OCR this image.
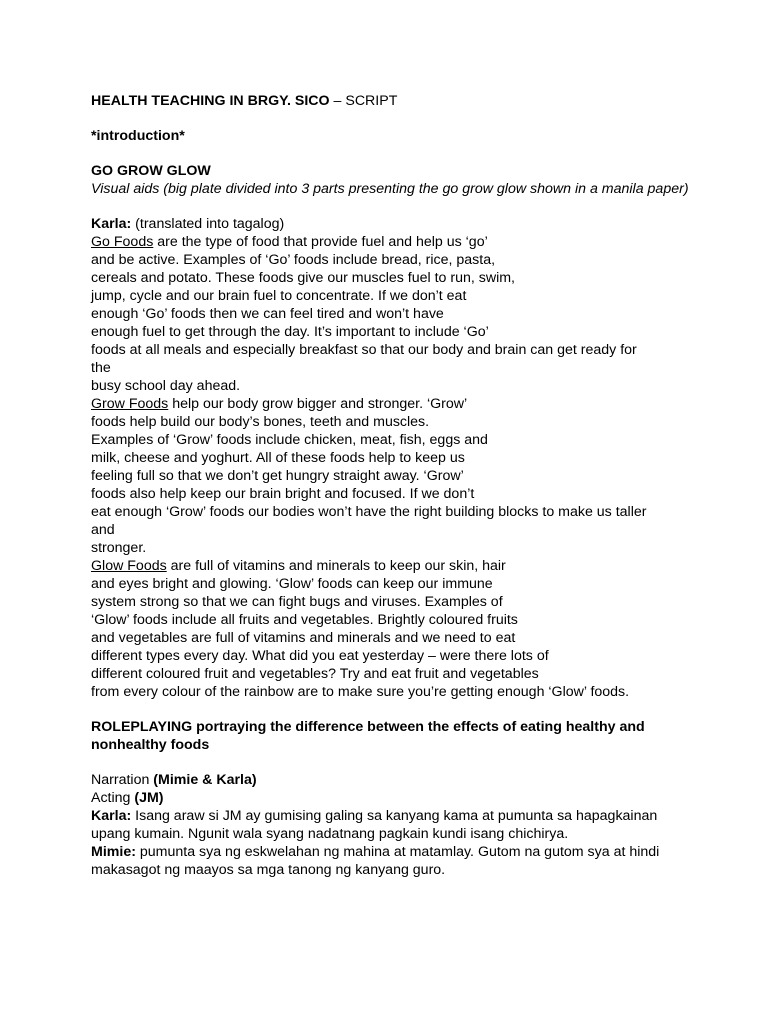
HEALTH TEACHING IN BRGY. SICO – SCRIPT

*introduction*

GO GROW GLOW

Visual aids (big plate divided into 3 parts presenting the go grow glow shown in a manila paper)

Karla: (translated into tagalog)
Go Foods are the type of food that provide fuel and help us ‘go’
and be active. Examples of ‘Go’ foods include bread, rice, pasta,
cereals and potato. These foods give our muscles fuel to run, swim,
jump, cycle and our brain fuel to concentrate. If we don’t eat
enough ‘Go’ foods then we can feel tired and won’t have
enough fuel to get through the day. It’s important to include ‘Go’
foods at all meals and especially breakfast so that our body and brain can get ready for
the
busy school day ahead.
Grow Foods help our body grow bigger and stronger. ‘Grow’
foods help build our body’s bones, teeth and muscles.
Examples of ‘Grow’ foods include chicken, meat, fish, eggs and
milk, cheese and yoghurt. All of these foods help to keep us
feeling full so that we don’t get hungry straight away. ‘Grow’
foods also help keep our brain bright and focused. If we don’t
eat enough ‘Grow’ foods our bodies won’t have the right building blocks to make us taller
and
stronger.
Glow Foods are full of vitamins and minerals to keep our skin, hair
and eyes bright and glowing. ‘Glow’ foods can keep our immune
system strong so that we can fight bugs and viruses. Examples of
‘Glow’ foods include all fruits and vegetables. Brightly coloured fruits
and vegetables are full of vitamins and minerals and we need to eat
different types every day. What did you eat yesterday – were there lots of
different coloured fruit and vegetables? Try and eat fruit and vegetables
from every colour of the rainbow are to make sure you’re getting enough ‘Glow’ foods.

ROLEPLAYING portraying the difference between the effects of eating healthy and nonhealthy foods

Narration (Mimie & Karla)
Acting (JM)

Karla: Isang araw si JM ay gumising galing sa kanyang kama at pumunta sa hapagkainan upang kumain. Ngunit wala syang nadatnang pagkain kundi isang chichirya.

Mimie: pumunta sya ng eskwelahan ng mahina at matamlay. Gutom na gutom sya at hindi makasagot ng maayos sa mga tanong ng kanyang guro.
